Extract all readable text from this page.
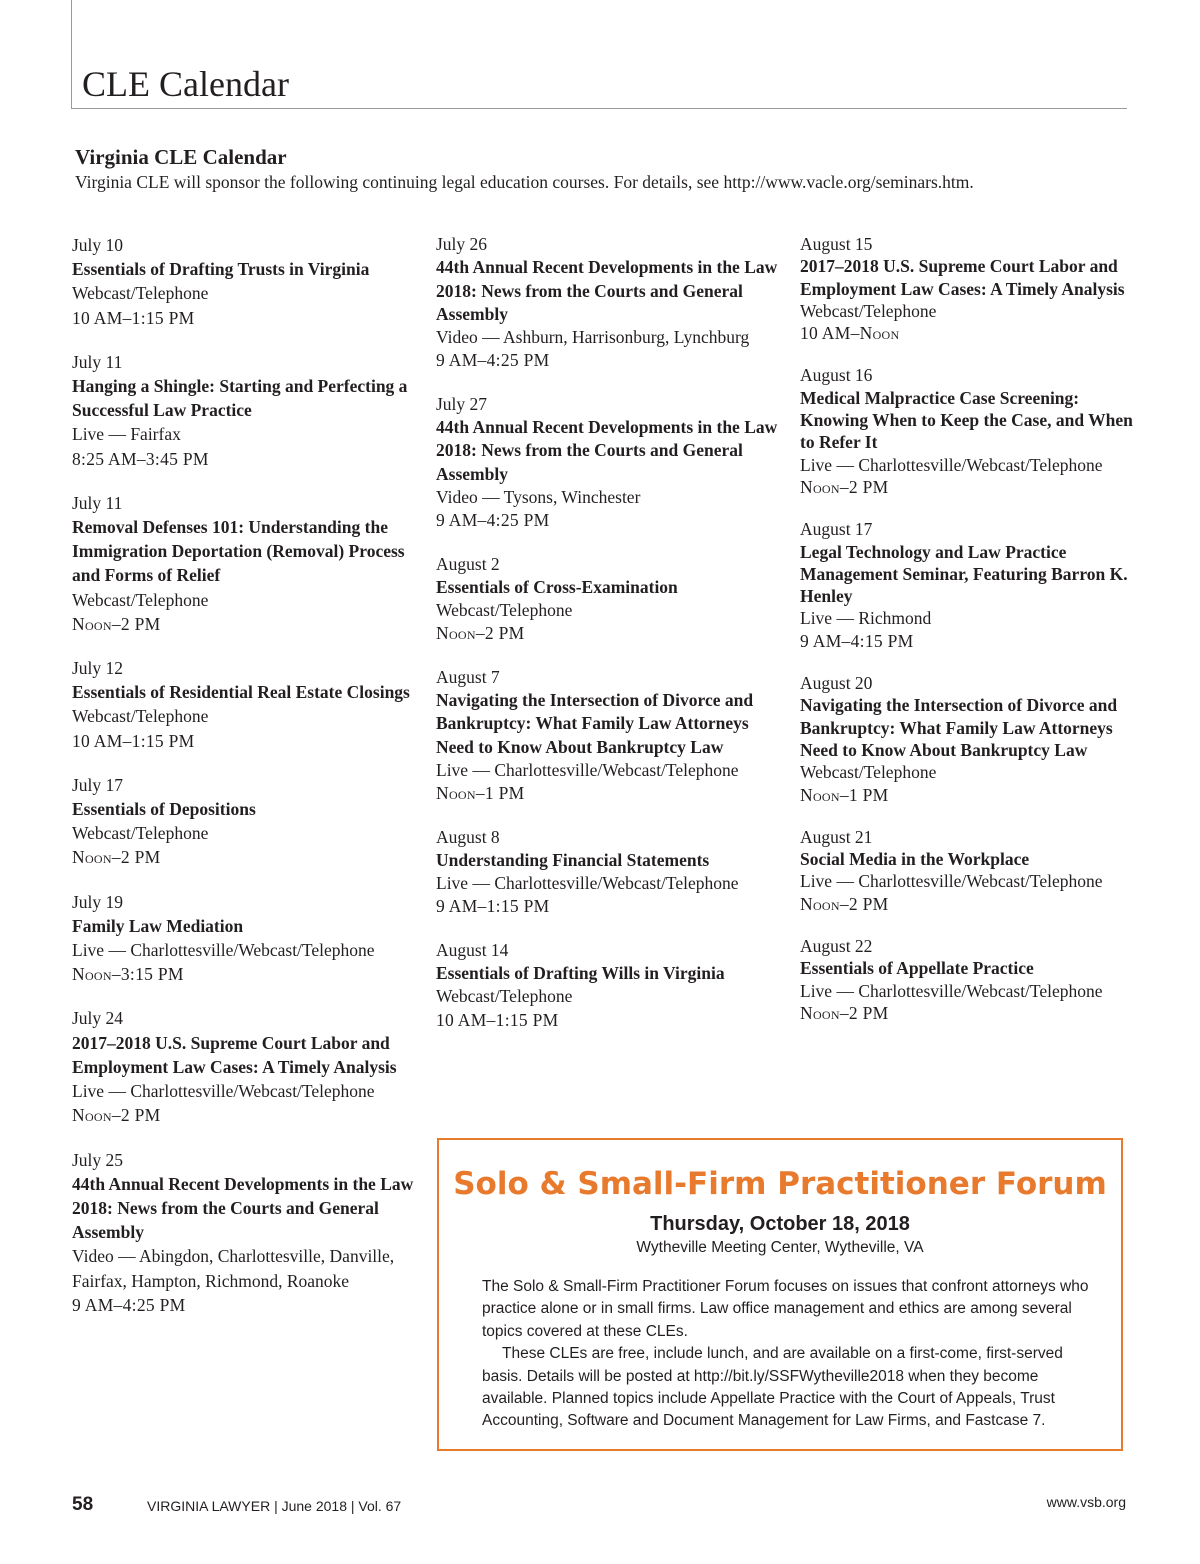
CLE Calendar
Virginia CLE Calendar

Virginia CLE will sponsor the following continuing legal education courses. For details, see http://www.vacle.org/seminars.htm.

July 10
Essentials of Drafting Trusts in Virginia
Webcast/Telephone
10 AM–1:15 PM
July 11
Hanging a Shingle: Starting and Perfecting a Successful Law Practice
Live — Fairfax
8:25 AM–3:45 PM
July 11
Removal Defenses 101: Understanding the Immigration Deportation (Removal) Process and Forms of Relief
Webcast/Telephone
Noon–2 PM
July 12
Essentials of Residential Real Estate Closings
Webcast/Telephone
10 AM–1:15 PM
July 17
Essentials of Depositions
Webcast/Telephone
Noon–2 PM
July 19
Family Law Mediation
Live — Charlottesville/Webcast/Telephone
Noon–3:15 PM
July 24
2017–2018 U.S. Supreme Court Labor and Employment Law Cases: A Timely Analysis
Live — Charlottesville/Webcast/Telephone
Noon–2 PM
July 25
44th Annual Recent Developments in the Law 2018: News from the Courts and General Assembly
Video — Abingdon, Charlottesville, Danville, Fairfax, Hampton, Richmond, Roanoke
9 AM–4:25 PM
July 26
44th Annual Recent Developments in the Law 2018: News from the Courts and General Assembly
Video — Ashburn, Harrisonburg, Lynchburg
9 AM–4:25 PM
July 27
44th Annual Recent Developments in the Law 2018: News from the Courts and General Assembly
Video — Tysons, Winchester
9 AM–4:25 PM
August 2
Essentials of Cross-Examination
Webcast/Telephone
Noon–2 PM
August 7
Navigating the Intersection of Divorce and Bankruptcy: What Family Law Attorneys Need to Know About Bankruptcy Law
Live — Charlottesville/Webcast/Telephone
Noon–1 PM
August 8
Understanding Financial Statements
Live — Charlottesville/Webcast/Telephone
9 AM–1:15 PM
August 14
Essentials of Drafting Wills in Virginia
Webcast/Telephone
10 AM–1:15 PM
August 15
2017–2018 U.S. Supreme Court Labor and Employment Law Cases: A Timely Analysis
Webcast/Telephone
10 AM–Noon
August 16
Medical Malpractice Case Screening: Knowing When to Keep the Case, and When to Refer It
Live — Charlottesville/Webcast/Telephone
Noon–2 PM
August 17
Legal Technology and Law Practice Management Seminar, Featuring Barron K. Henley
Live — Richmond
9 AM–4:15 PM
August 20
Navigating the Intersection of Divorce and Bankruptcy: What Family Law Attorneys Need to Know About Bankruptcy Law
Webcast/Telephone
Noon–1 PM
August 21
Social Media in the Workplace
Live — Charlottesville/Webcast/Telephone
Noon–2 PM
August 22
Essentials of Appellate Practice
Live — Charlottesville/Webcast/Telephone
Noon–2 PM
Solo & Small-Firm Practitioner Forum
Thursday, October 18, 2018
Wytheville Meeting Center, Wytheville, VA

The Solo & Small-Firm Practitioner Forum focuses on issues that confront attorneys who practice alone or in small firms. Law office management and ethics are among several topics covered at these CLEs.

These CLEs are free, include lunch, and are available on a first-come, first-served basis. Details will be posted at http://bit.ly/SSFWytheville2018 when they become available. Planned topics include Appellate Practice with the Court of Appeals, Trust Accounting, Software and Document Management for Law Firms, and Fastcase 7.

58	VIRGINIA LAWYER | June 2018 | Vol. 67	www.vsb.org
